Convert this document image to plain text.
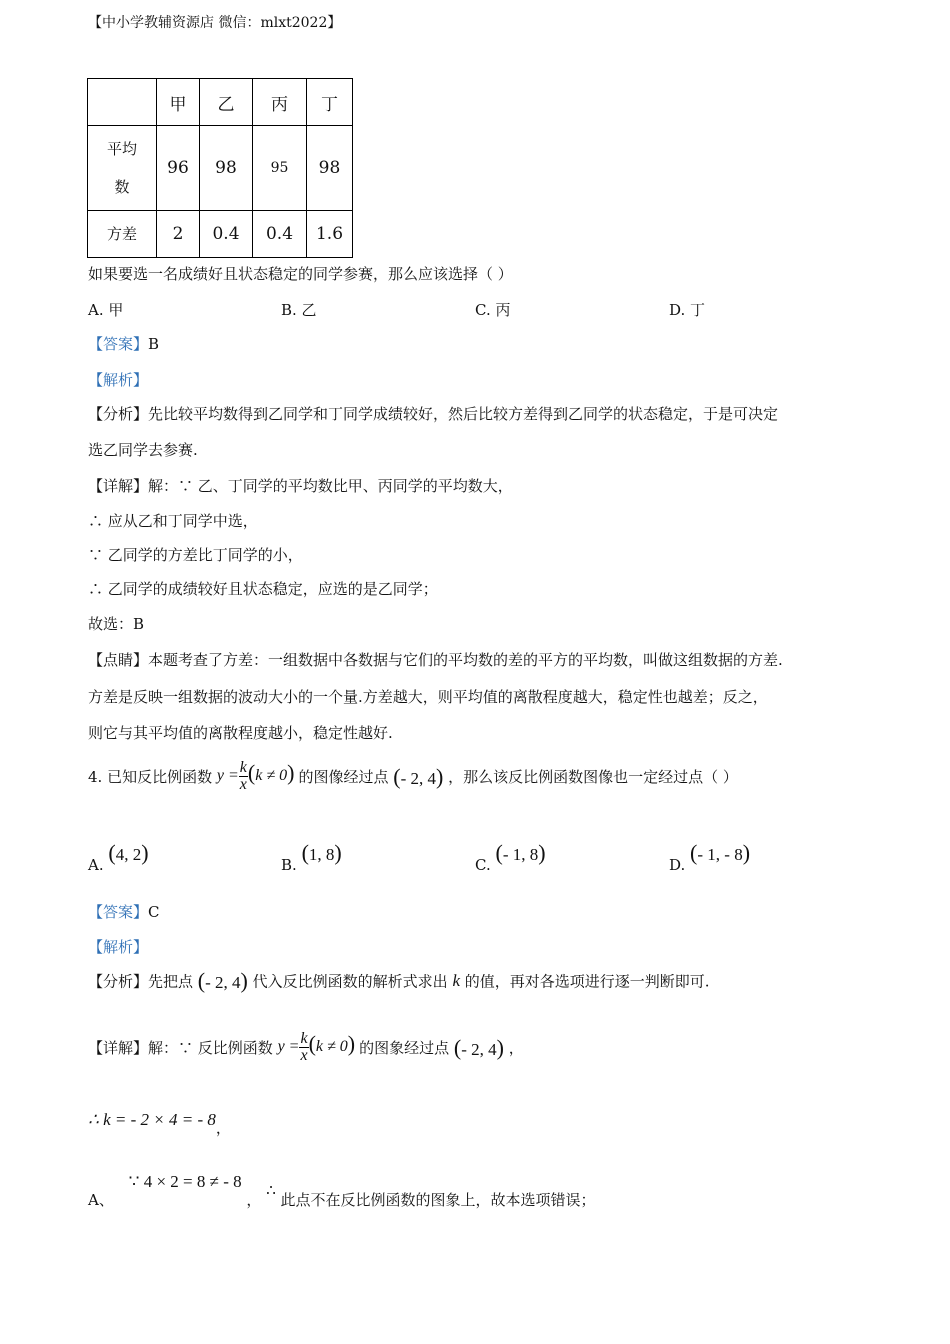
【中小学教辅资源店 微信：mlxt2022】
	甲	乙	丙	丁
平均
数	96	98	95	98
方差	2	0.4	0.4	1.6
如果要选一名成绩好且状态稳定的同学参赛，那么应该选择（ ）
A. 甲	B. 乙	C. 丙	D. 丁
【答案】B
【解析】
【分析】先比较平均数得到乙同学和丁同学成绩较好，然后比较方差得到乙同学的状态稳定，于是可决定
选乙同学去参赛.
【详解】解：∵ 乙、丁同学的平均数比甲、丙同学的平均数大，
∴ 应从乙和丁同学中选，
∵ 乙同学的方差比丁同学的小，
∴ 乙同学的成绩较好且状态稳定，应选的是乙同学；
故选：B
【点睛】本题考查了方差：一组数据中各数据与它们的平均数的差的平方的平均数，叫做这组数据的方差.
方差是反映一组数据的波动大小的一个量.方差越大，则平均值的离散程度越大，稳定性也越差；反之，
则它与其平均值的离散程度越小，稳定性越好.
4. 已知反比例函数 $y = \frac{k}{x} (k \ne 0)$ 的图像经过点 (- 2, 4) ，那么该反比例函数图像也一定经过点（ ）
A. (4, 2)	B. (1, 8)	C. (- 1, 8)	D. (- 1, - 8)
【答案】C
【解析】
【分析】先把点 (- 2, 4) 代入反比例函数的解析式求出 k 的值，再对各选项进行逐一判断即可.
【详解】解：∵ 反比例函数 $y = \frac{k}{x} (k \ne 0)$ 的图象经过点 (- 2, 4) ，
∴ k = - 2 × 4 = - 8，
A、 ∵ 4 × 2 = 8 ≠ - 8 ， ∴ 此点不在反比例函数的图象上，故本选项错误；
